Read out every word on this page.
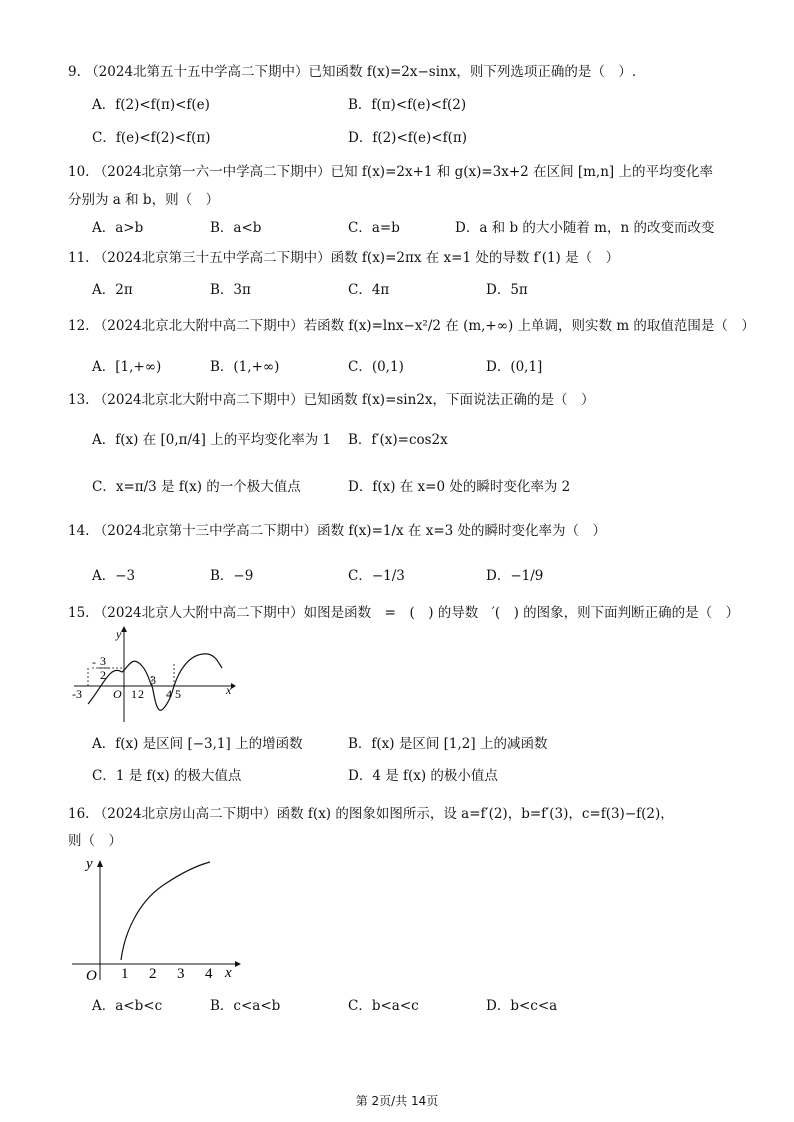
9. （2024北第五十五中学高二下期中）已知函数 f(x)=2x−sinx，则下列选项正确的是（　）.
A．f(2)<f(π)<f(e)	B．f(π)<f(e)<f(2)
C．f(e)<f(2)<f(π)	D．f(2)<f(e)<f(π)
10. （2024北京第一六一中学高二下期中）已知 f(x)=2x+1 和 g(x)=3x+2 在区间 [m,n] 上的平均变化率
分别为 a 和 b，则（　）
A．a>b	B．a<b	C．a=b	D．a 和 b 的大小随着 m，n 的改变而改变
11. （2024北京第三十五中学高二下期中）函数 f(x)=2πx 在 x=1 处的导数 f′(1) 是（　）
A．2π	B．3π	C．4π	D．5π
12. （2024北京北大附中高二下期中）若函数 f(x)=lnx−x²/2 在 (m,+∞) 上单调，则实数 m 的取值范围是（　）
A．[1,+∞)	B．(1,+∞)	C．(0,1)	D．(0,1]
13. （2024北京北大附中高二下期中）已知函数 f(x)=sin2x，下面说法正确的是（　）
A．f(x) 在 [0,π/4] 上的平均变化率为 1 B．f′(x)=cos2x
C．x=π/3 是 f(x) 的一个极大值点	D．f(x) 在 x=0 处的瞬时变化率为 2
14. （2024北京第十三中学高二下期中）函数 f(x)=1/x 在 x=3 处的瞬时变化率为（　）
A．−3	B．−9	C．−1/3	D．−1/9
15. （2024北京人大附中高二下期中）如图是函数　=　(　) 的导数　′(　) 的图象，则下面判断正确的是（　）
y
x
O
-3
- 3
2
1 2
3
4 5
A．f(x) 是区间 [−3,1] 上的增函数	B．f(x) 是区间 [1,2] 上的减函数
C．1 是 f(x) 的极大值点	D．4 是 f(x) 的极小值点
16. （2024北京房山高二下期中）函数 f(x) 的图象如图所示，设 a=f′(2)，b=f′(3)，c=f(3)−f(2)，
则（　）
y
x
O 1 2 3 4
A．a<b<c	B．c<a<b	C．b<a<c	D．b<c<a
第 2页/共 14页
